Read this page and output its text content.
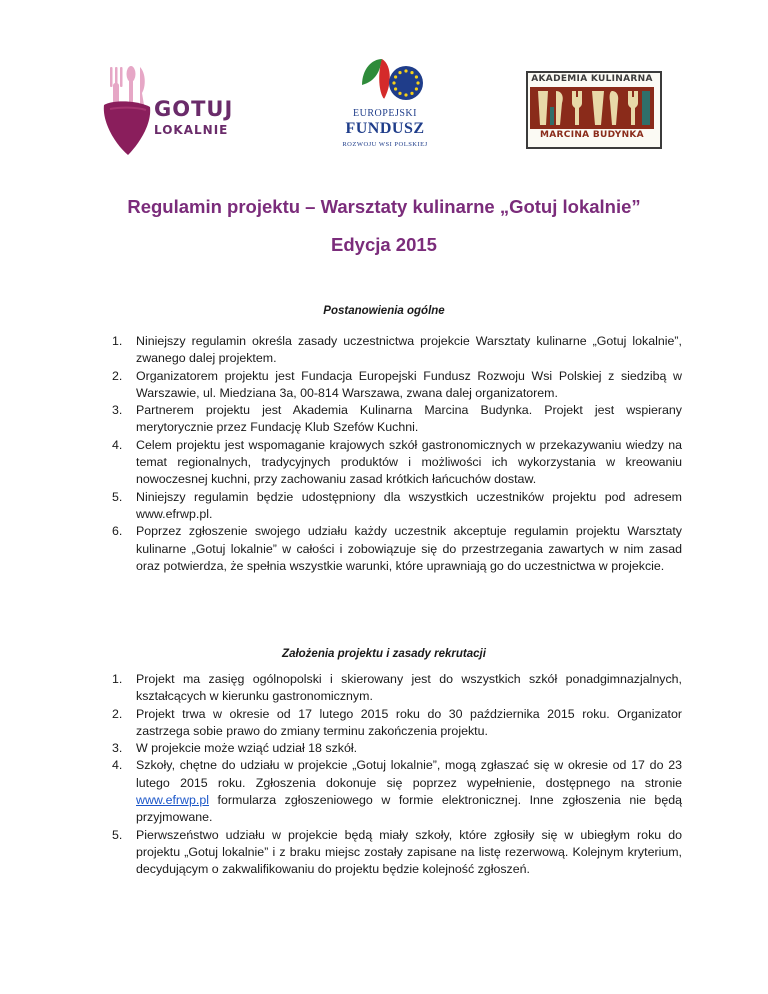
GOTUJ
LOKALNIE
EUROPEJSKI
FUNDUSZ
ROZWOJU WSI POLSKIEJ
AKADEMIA KULINARNA
MARCINA BUDYNKA
Regulamin projektu – Warsztaty kulinarne „Gotuj lokalnie”
Edycja 2015
Postanowienia ogólne
1. Niniejszy regulamin określa zasady uczestnictwa projekcie Warsztaty kulinarne „Gotuj lokalnie”, zwanego dalej projektem.
2. Organizatorem projektu jest Fundacja Europejski Fundusz Rozwoju Wsi Polskiej z siedzibą w Warszawie, ul. Miedziana 3a, 00-814 Warszawa, zwana dalej organizatorem.
3. Partnerem projektu jest Akademia Kulinarna Marcina Budynka. Projekt jest wspierany merytorycznie przez Fundację Klub Szefów Kuchni.
4. Celem projektu jest wspomaganie krajowych szkół gastronomicznych w przekazywaniu wiedzy na temat regionalnych, tradycyjnych produktów i możliwości ich wykorzystania w kreowaniu nowoczesnej kuchni, przy zachowaniu zasad krótkich łańcuchów dostaw.
5. Niniejszy regulamin będzie udostępniony dla wszystkich uczestników projektu pod adresem www.efrwp.pl.
6. Poprzez zgłoszenie swojego udziału każdy uczestnik akceptuje regulamin projektu Warsztaty kulinarne „Gotuj lokalnie” w całości i zobowiązuje się do przestrzegania zawartych w nim zasad oraz potwierdza, że spełnia wszystkie warunki, które uprawniają go do uczestnictwa w projekcie.
Założenia projektu i zasady rekrutacji
1. Projekt ma zasięg ogólnopolski i skierowany jest do wszystkich szkół ponadgimnazjalnych, kształcących w kierunku gastronomicznym.
2. Projekt trwa w okresie od 17 lutego 2015 roku do 30 października 2015 roku. Organizator zastrzega sobie prawo do zmiany terminu zakończenia projektu.
3. W projekcie może wziąć udział 18 szkół.
4. Szkoły, chętne do udziału w projekcie „Gotuj lokalnie”, mogą zgłaszać się w okresie od 17 do 23 lutego 2015 roku. Zgłoszenia dokonuje się poprzez wypełnienie, dostępnego na stronie www.efrwp.pl formularza zgłoszeniowego w formie elektronicznej. Inne zgłoszenia nie będą przyjmowane.
5. Pierwszeństwo udziału w projekcie będą miały szkoły, które zgłosiły się w ubiegłym roku do projektu „Gotuj lokalnie” i z braku miejsc zostały zapisane na listę rezerwową. Kolejnym kryterium, decydującym o zakwalifikowaniu do projektu będzie kolejność zgłoszeń.
